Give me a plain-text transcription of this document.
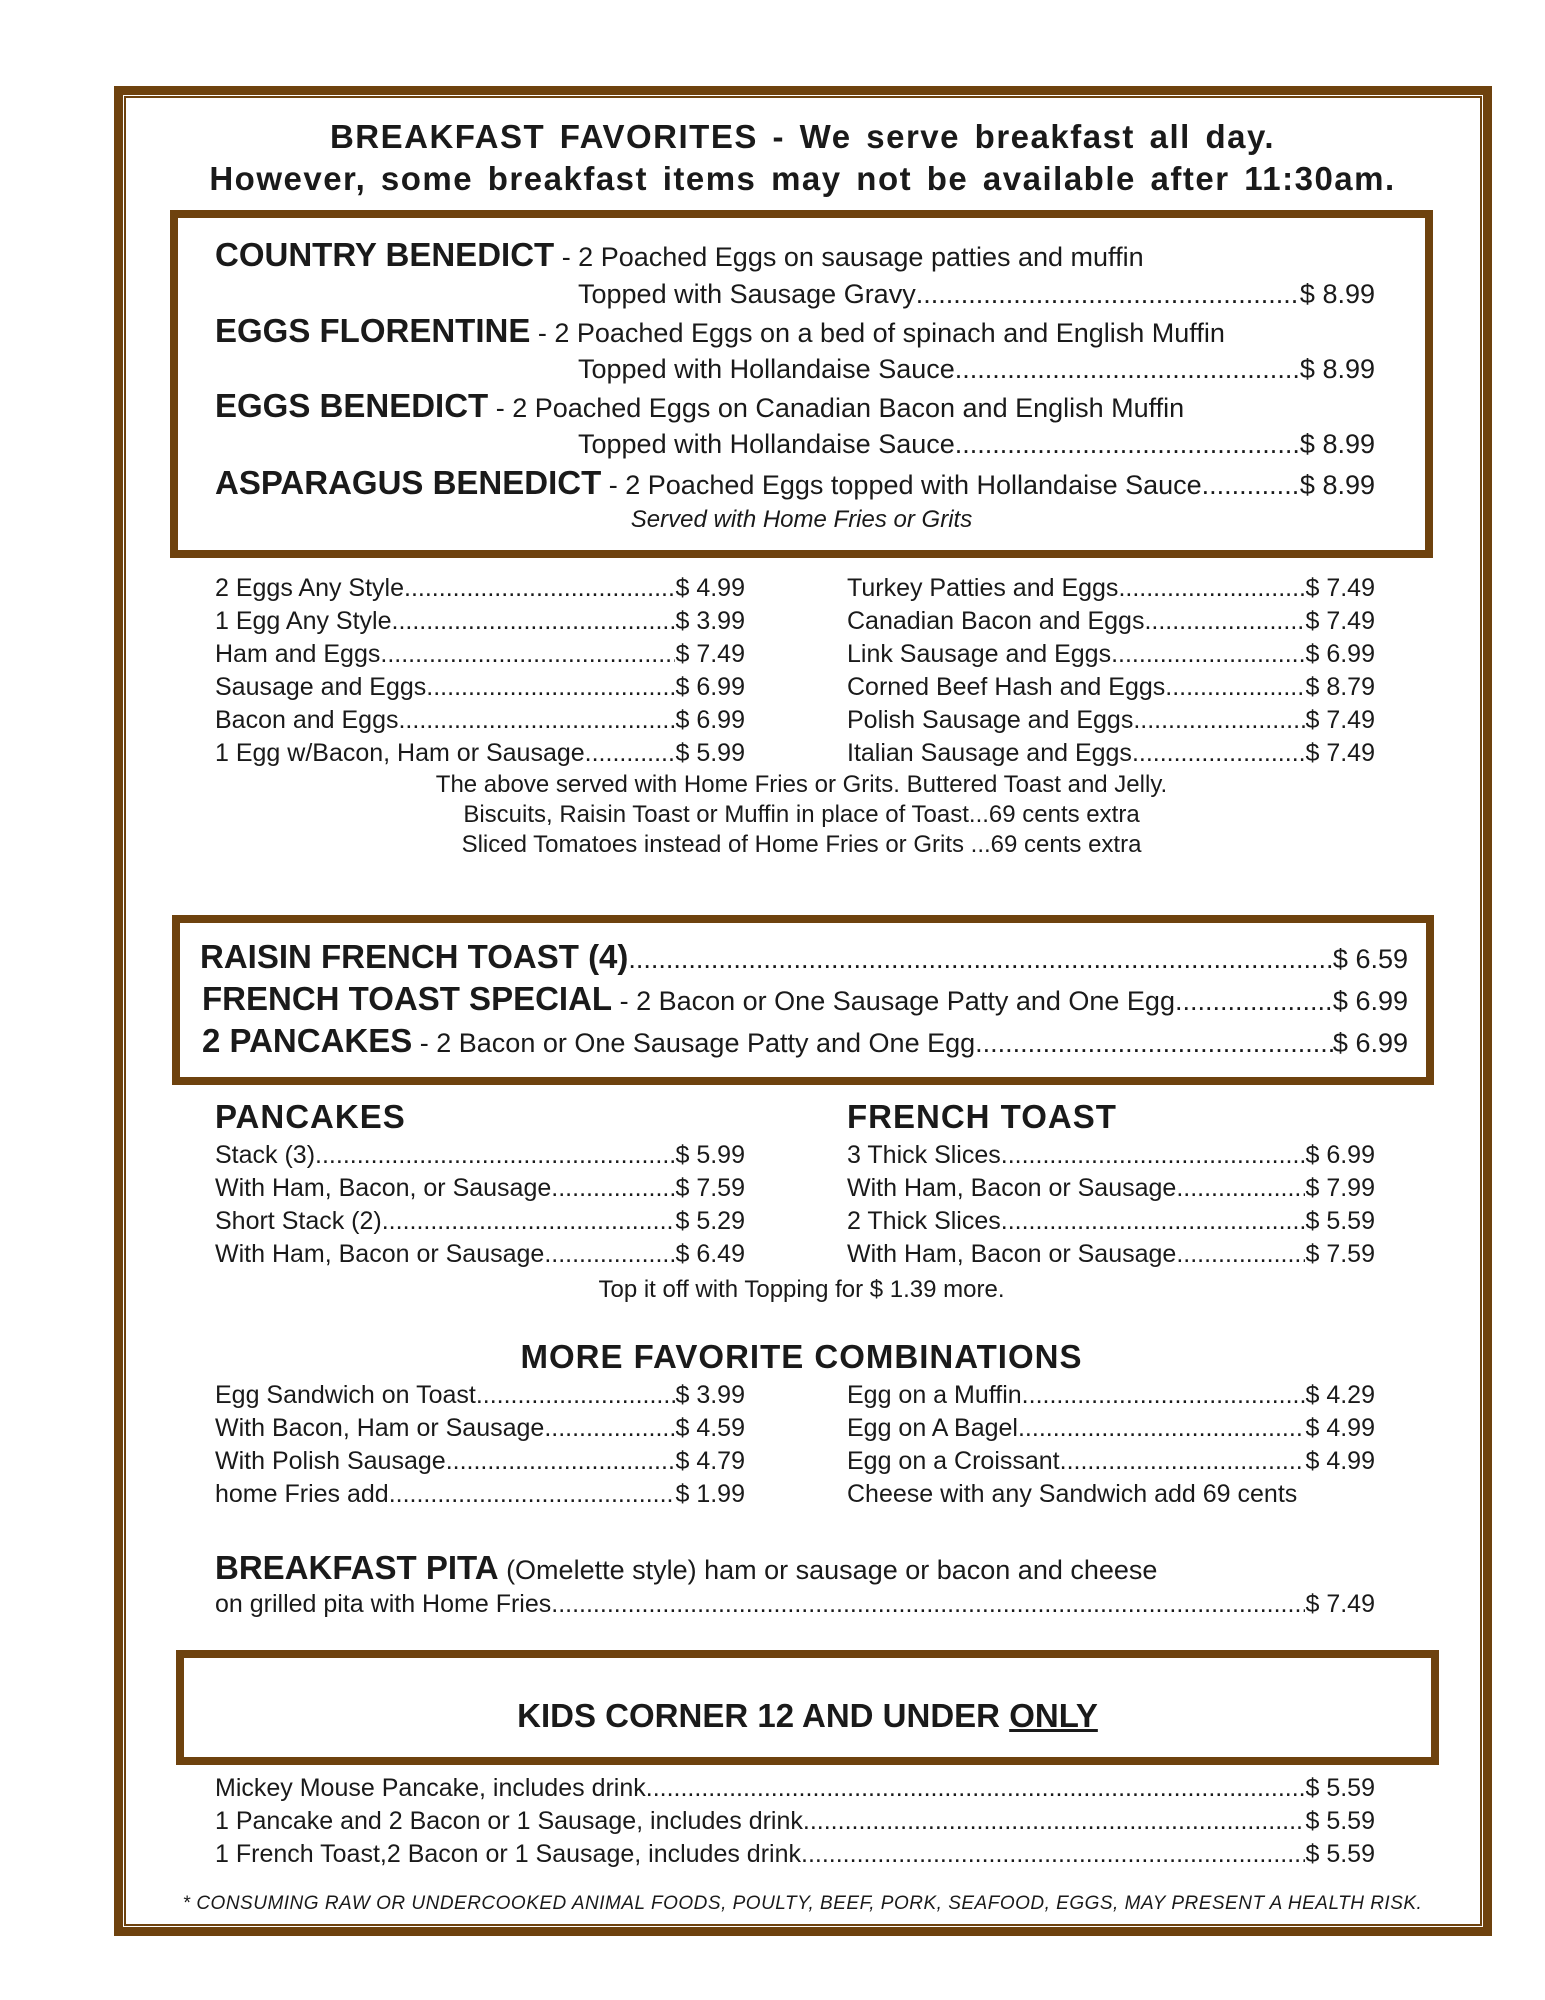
BREAKFAST FAVORITES - We serve breakfast all day.
However, some breakfast items may not be available after 11:30am.
COUNTRY BENEDICT - 2 Poached Eggs on sausage patties and muffin
Topped with Sausage Gravy .....	$ 8.99
EGGS FLORENTINE - 2 Poached Eggs on a bed of spinach and English Muffin
Topped with Hollandaise Sauce .....	$ 8.99
EGGS BENEDICT - 2 Poached Eggs on Canadian Bacon and English Muffin
Topped with Hollandaise Sauce .....	$ 8.99
ASPARAGUS BENEDICT - 2 Poached Eggs topped with Hollandaise Sauce .....	$ 8.99
Served with Home Fries or Grits
2 Eggs Any Style .....	$ 4.99
1 Egg Any Style .....	$ 3.99
Ham and Eggs .....	$ 7.49
Sausage and Eggs .....	$ 6.99
Bacon and Eggs .....	$ 6.99
1 Egg w/Bacon, Ham or Sausage .....	$ 5.99
Turkey Patties and Eggs .....	$ 7.49
Canadian Bacon and Eggs .....	$ 7.49
Link Sausage and Eggs .....	$ 6.99
Corned Beef Hash and Eggs .....	$ 8.79
Polish Sausage and Eggs .....	$ 7.49
Italian Sausage and Eggs .....	$ 7.49
The above served with Home Fries or Grits. Buttered Toast and Jelly.
Biscuits, Raisin Toast or Muffin in place of Toast...69 cents extra
Sliced Tomatoes instead of Home Fries or Grits ...69 cents extra
RAISIN FRENCH TOAST (4) .....	$ 6.59
FRENCH TOAST SPECIAL - 2 Bacon or One Sausage Patty and One Egg .....	$ 6.99
2 PANCAKES - 2 Bacon or One Sausage Patty and One Egg .....	$ 6.99
PANCAKES	FRENCH TOAST
Stack (3) .....	$ 5.99
With Ham, Bacon, or Sausage .....	$ 7.59
Short Stack (2) .....	$ 5.29
With Ham, Bacon or Sausage .....	$ 6.49
3 Thick Slices .....	$ 6.99
With Ham, Bacon or Sausage .....	$ 7.99
2 Thick Slices .....	$ 5.59
With Ham, Bacon or Sausage .....	$ 7.59
Top it off with Topping for $ 1.39 more.
MORE FAVORITE COMBINATIONS
Egg Sandwich on Toast .....	$ 3.99
With Bacon, Ham or Sausage .....	$ 4.59
With Polish Sausage .....	$ 4.79
home Fries add .....	$ 1.99
Egg on a Muffin .....	$ 4.29
Egg on A Bagel .....	$ 4.99
Egg on a Croissant .....	$ 4.99
Cheese with any Sandwich add 69 cents
BREAKFAST PITA (Omelette style) ham or sausage or bacon and cheese
on grilled pita with Home Fries .....	$ 7.49
KIDS CORNER 12 AND UNDER ONLY
Mickey Mouse Pancake, includes drink .....	$ 5.59
1 Pancake and 2 Bacon or 1 Sausage, includes drink .....	$ 5.59
1 French Toast,2 Bacon or 1 Sausage, includes drink .....	$ 5.59
* CONSUMING RAW OR UNDERCOOKED ANIMAL FOODS, POULTY, BEEF, PORK, SEAFOOD, EGGS, MAY PRESENT A HEALTH RISK.
